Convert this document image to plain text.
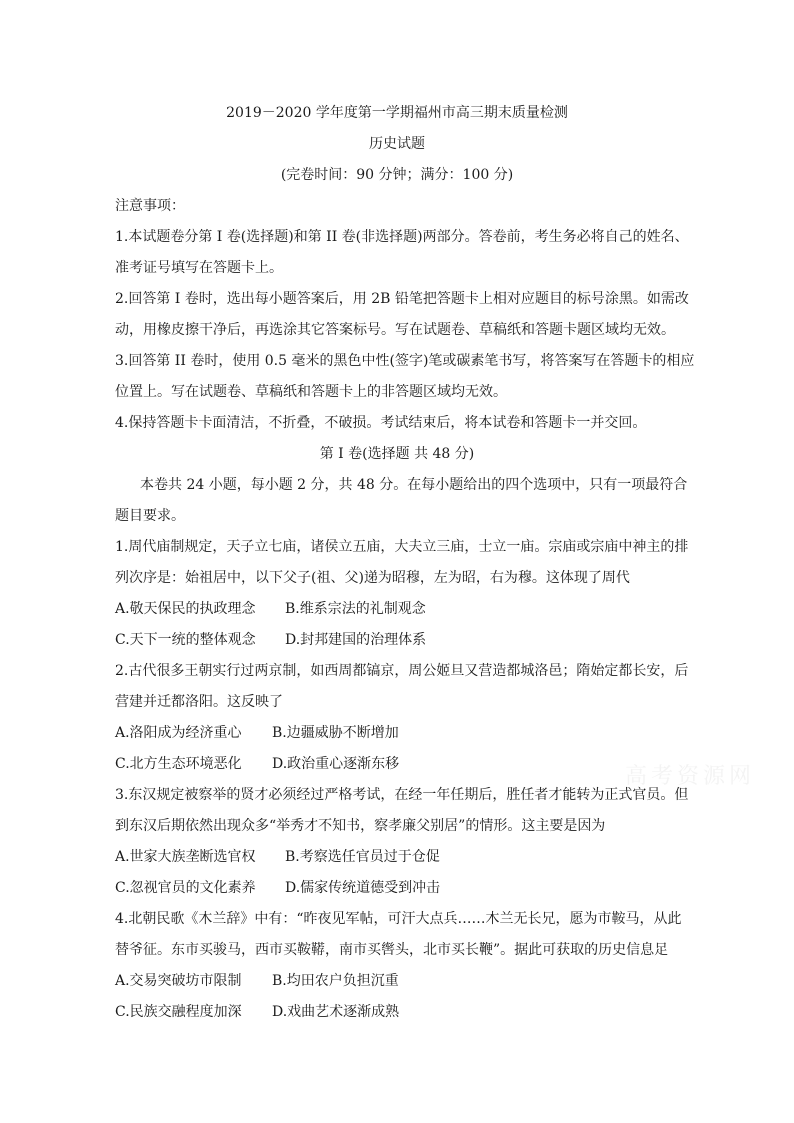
2019－2020 学年度第一学期福州市高三期末质量检测
历史试题
(完卷时间：90 分钟；满分：100 分)
注意事项：
1.本试题卷分第 I 卷(选择题)和第 II 卷(非选择题)两部分。答卷前，考生务必将自己的姓名、
准考证号填写在答题卡上。
2.回答第 I 卷时，选出每小题答案后，用 2B 铅笔把答题卡上相对应题目的标号涂黑。如需改
动，用橡皮擦干净后，再选涂其它答案标号。写在试题卷、草稿纸和答题卡题区域均无效。
3.回答第 II 卷时，使用 0.5 毫米的黑色中性(签字)笔或碳素笔书写，将答案写在答题卡的相应
位置上。写在试题卷、草稿纸和答题卡上的非答题区域均无效。
4.保持答题卡卡面清洁，不折叠，不破损。考试结束后，将本试卷和答题卡一并交回。
第 I 卷(选择题 共 48 分)
本卷共 24 小题，每小题 2 分，共 48 分。在每小题给出的四个选项中，只有一项最符合
题目要求。
1.周代庙制规定，天子立七庙，诸侯立五庙，大夫立三庙，士立一庙。宗庙或宗庙中神主的排
列次序是：始祖居中，以下父子(祖、父)递为昭穆，左为昭，右为穆。这体现了周代
A.敬天保民的执政理念 B.维系宗法的礼制观念
C.天下一统的整体观念 D.封邦建国的治理体系
2.古代很多王朝实行过两京制，如西周都镐京，周公姬旦又营造都城洛邑；隋始定都长安，后
营建并迁都洛阳。这反映了
A.洛阳成为经济重心 B.边疆威胁不断增加
C.北方生态环境恶化 D.政治重心逐渐东移
3.东汉规定被察举的贤才必须经过严格考试，在经一年任期后，胜任者才能转为正式官员。但
到东汉后期依然出现众多“举秀才不知书，察孝廉父别居”的情形。这主要是因为
A.世家大族垄断选官权 B.考察选任官员过于仓促
C.忽视官员的文化素养 D.儒家传统道德受到冲击
4.北朝民歌《木兰辞》中有：“昨夜见军帖，可汗大点兵……木兰无长兄，愿为市鞍马，从此
替爷征。东市买骏马，西市买鞍鞯，南市买辔头，北市买长鞭”。据此可获取的历史信息足
A.交易突破坊市限制 B.均田农户负担沉重
C.民族交融程度加深 D.戏曲艺术逐渐成熟
高考资源网
